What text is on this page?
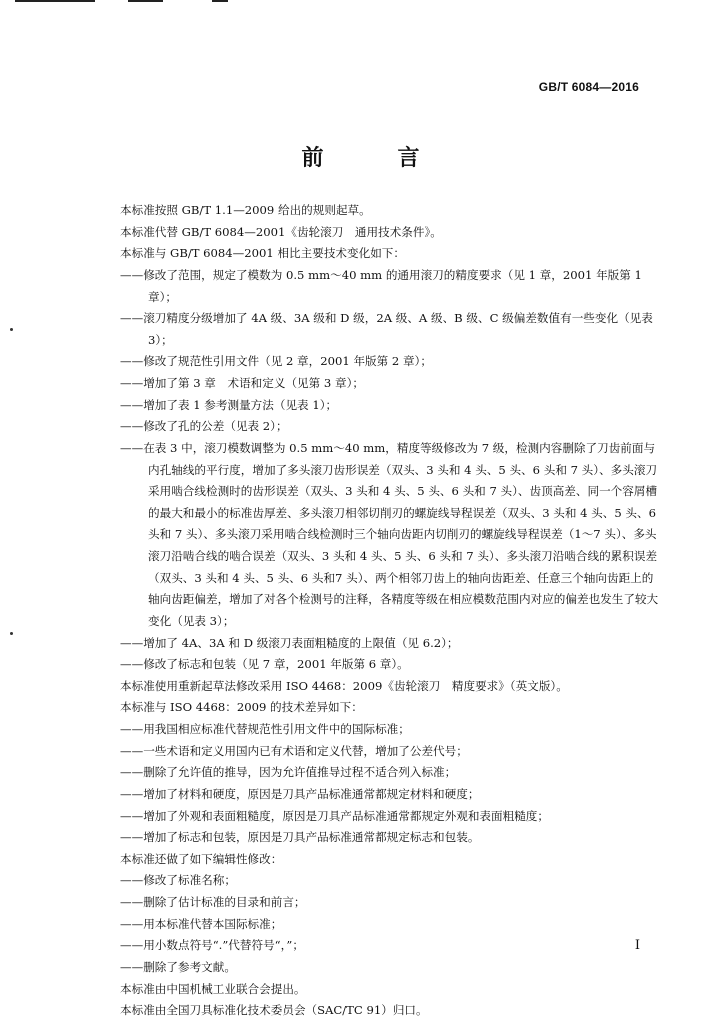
GB/T 6084—2016
前　言

本标准按照 GB/T 1.1—2009 给出的规则起草。

本标准代替 GB/T 6084—2001《齿轮滚刀　通用技术条件》。

本标准与 GB/T 6084—2001 相比主要技术变化如下：

——修改了范围，规定了模数为 0.5 mm～40 mm 的通用滚刀的精度要求（见 1 章，2001 年版第 1 章）；

——滚刀精度分级增加了 4A 级、3A 级和 D 级，2A 级、A 级、B 级、C 级偏差数值有一些变化（见表 3）；

——修改了规范性引用文件（见 2 章，2001 年版第 2 章）；

——增加了第 3 章　术语和定义（见第 3 章）；

——增加了表 1 参考测量方法（见表 1）；

——修改了孔的公差（见表 2）；

——在表 3 中，滚刀模数调整为 0.5 mm～40 mm，精度等级修改为 7 级，检测内容删除了刀齿前面与内孔轴线的平行度，增加了多头滚刀齿形误差（双头、3 头和 4 头、5 头、6 头和 7 头）、多头滚刀采用啮合线检测时的齿形误差（双头、3 头和 4 头、5 头、6 头和 7 头）、齿顶高差、同一个容屑槽的最大和最小的标准齿厚差、多头滚刀相邻切削刃的螺旋线导程误差（双头、3 头和 4 头、5 头、6 头和 7 头）、多头滚刀采用啮合线检测时三个轴向齿距内切削刃的螺旋线导程误差（1～7 头）、多头滚刀沿啮合线的啮合误差（双头、3 头和 4 头、5 头、6 头和 7 头）、多头滚刀沿啮合线的累积误差（双头、3 头和 4 头、5 头、6 头和7 头）、两个相邻刀齿上的轴向齿距差、任意三个轴向齿距上的轴向齿距偏差，增加了对各个检测号的注释，各精度等级在相应模数范围内对应的偏差也发生了较大变化（见表 3）；

——增加了 4A、3A 和 D 级滚刀表面粗糙度的上限值（见 6.2）；

——修改了标志和包装（见 7 章，2001 年版第 6 章）。

本标准使用重新起草法修改采用 ISO 4468：2009《齿轮滚刀　精度要求》（英文版）。

本标准与 ISO 4468：2009 的技术差异如下：

——用我国相应标准代替规范性引用文件中的国际标准；

——一些术语和定义用国内已有术语和定义代替，增加了公差代号；

——删除了允许值的推导，因为允许值推导过程不适合列入标准；

——增加了材料和硬度，原因是刀具产品标准通常都规定材料和硬度；

——增加了外观和表面粗糙度，原因是刀具产品标准通常都规定外观和表面粗糙度；

——增加了标志和包装，原因是刀具产品标准通常都规定标志和包装。

本标准还做了如下编辑性修改：

——修改了标准名称；

——删除了估计标准的目录和前言；

——用本标准代替本国际标准；

——用小数点符号“.”代替符号“，”；

——删除了参考文献。

本标准由中国机械工业联合会提出。

本标准由全国刀具标准化技术委员会（SAC/TC 91）归口。

I
